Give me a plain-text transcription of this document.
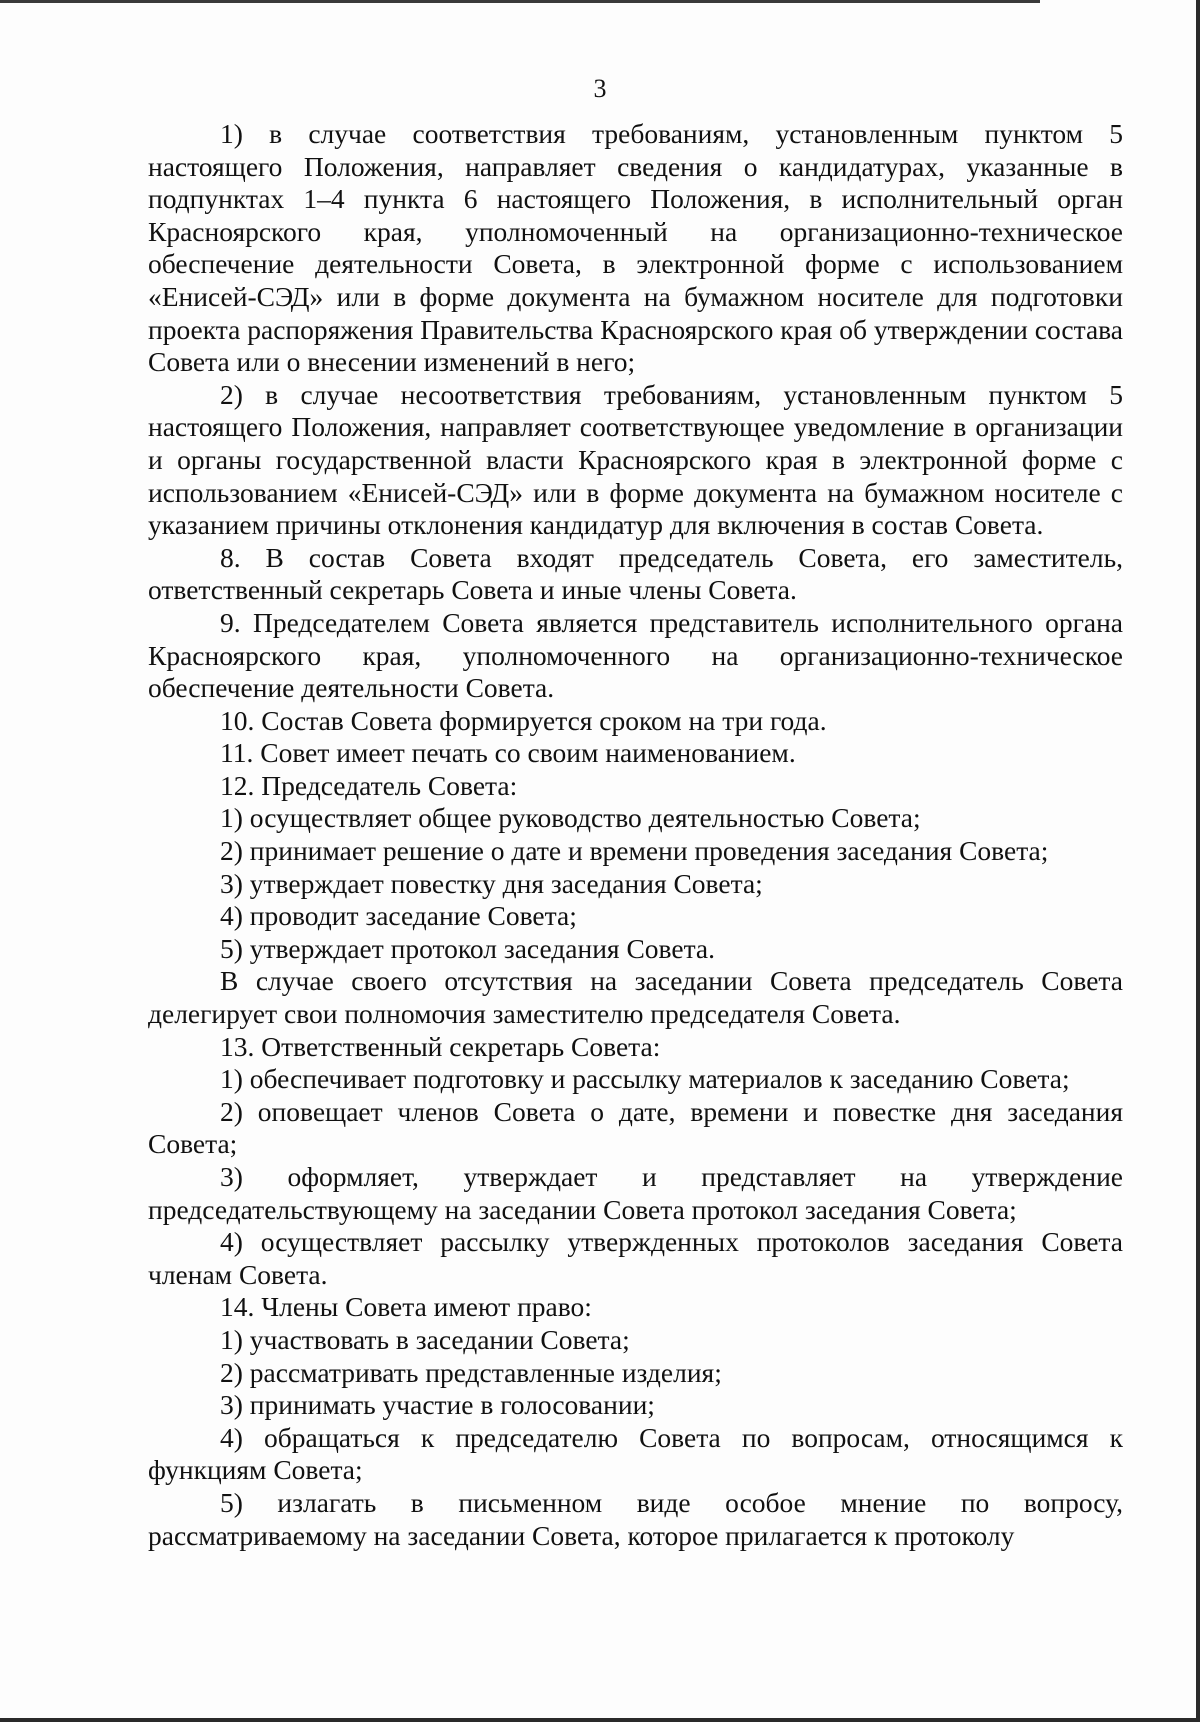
3

1) в случае соответствия требованиям, установленным пунктом 5 настоящего Положения, направляет сведения о кандидатурах, указанные в подпунктах 1–4 пункта 6 настоящего Положения, в исполнительный орган Красноярского края, уполномоченный на организационно-техническое обеспечение деятельности Совета, в электронной форме с использованием «Енисей-СЭД» или в форме документа на бумажном носителе для подготовки проекта распоряжения Правительства Красноярского края об утверждении состава Совета или о внесении изменений в него;

2) в случае несоответствия требованиям, установленным пунктом 5 настоящего Положения, направляет соответствующее уведомление в организации и органы государственной власти Красноярского края в электронной форме с использованием «Енисей-СЭД» или в форме документа на бумажном носителе с указанием причины отклонения кандидатур для включения в состав Совета.

8. В состав Совета входят председатель Совета, его заместитель, ответственный секретарь Совета и иные члены Совета.

9. Председателем Совета является представитель исполнительного органа Красноярского края, уполномоченного на организационно-техническое обеспечение деятельности Совета.

10. Состав Совета формируется сроком на три года.

11. Совет имеет печать со своим наименованием.

12. Председатель Совета:

1) осуществляет общее руководство деятельностью Совета;

2) принимает решение о дате и времени проведения заседания Совета;

3) утверждает повестку дня заседания Совета;

4) проводит заседание Совета;

5) утверждает протокол заседания Совета.

В случае своего отсутствия на заседании Совета председатель Совета делегирует свои полномочия заместителю председателя Совета.

13. Ответственный секретарь Совета:

1) обеспечивает подготовку и рассылку материалов к заседанию Совета;

2) оповещает членов Совета о дате, времени и повестке дня заседания Совета;

3) оформляет, утверждает и представляет на утверждение председательствующему на заседании Совета протокол заседания Совета;

4) осуществляет рассылку утвержденных протоколов заседания Совета членам Совета.

14. Члены Совета имеют право:

1) участвовать в заседании Совета;

2) рассматривать представленные изделия;

3) принимать участие в голосовании;

4) обращаться к председателю Совета по вопросам, относящимся к функциям Совета;

5) излагать в письменном виде особое мнение по вопросу, рассматриваемому на заседании Совета, которое прилагается к протоколу
